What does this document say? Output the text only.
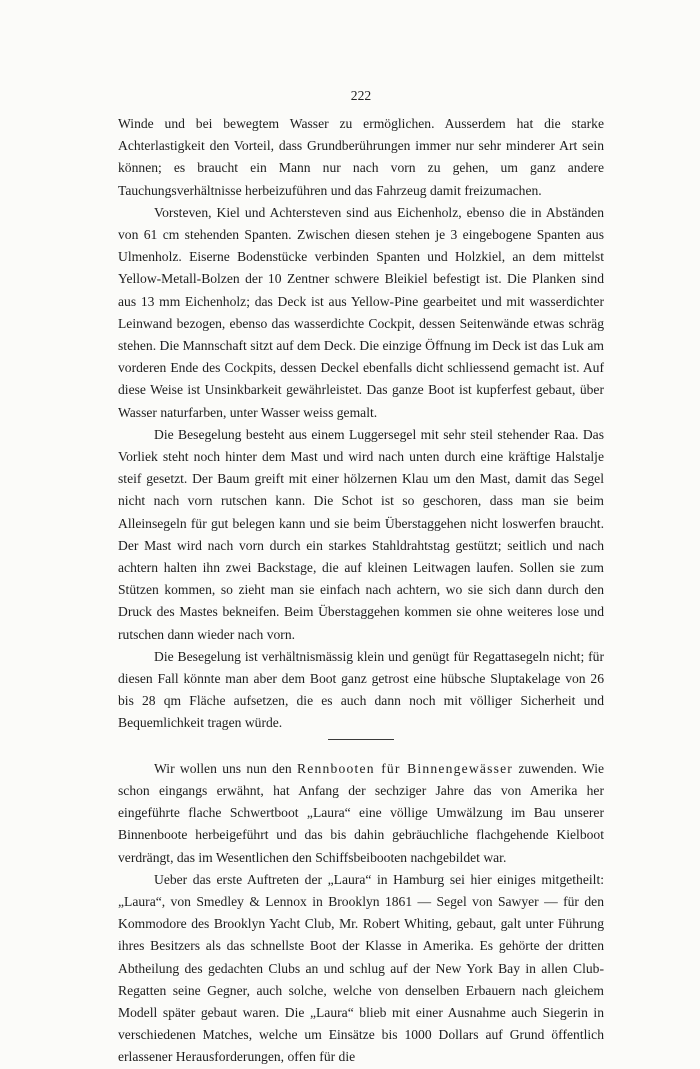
222

Winde und bei bewegtem Wasser zu ermöglichen. Ausserdem hat die starke Achterlastigkeit den Vorteil, dass Grundberührungen immer nur sehr minderer Art sein können; es braucht ein Mann nur nach vorn zu gehen, um ganz andere Tauchungsverhältnisse herbeizuführen und das Fahrzeug damit freizumachen.

Vorsteven, Kiel und Achtersteven sind aus Eichenholz, ebenso die in Abständen von 61 cm stehenden Spanten. Zwischen diesen stehen je 3 eingebogene Spanten aus Ulmenholz. Eiserne Bodenstücke verbinden Spanten und Holzkiel, an dem mittelst Yellow-Metall-Bolzen der 10 Zentner schwere Bleikiel befestigt ist. Die Planken sind aus 13 mm Eichenholz; das Deck ist aus Yellow-Pine gearbeitet und mit wasserdichter Leinwand bezogen, ebenso das wasserdichte Cockpit, dessen Seitenwände etwas schräg stehen. Die Mannschaft sitzt auf dem Deck. Die einzige Öffnung im Deck ist das Luk am vorderen Ende des Cockpits, dessen Deckel ebenfalls dicht schliessend gemacht ist. Auf diese Weise ist Unsinkbarkeit gewährleistet. Das ganze Boot ist kupferfest gebaut, über Wasser naturfarben, unter Wasser weiss gemalt.

Die Besegelung besteht aus einem Luggersegel mit sehr steil stehender Raa. Das Vorliek steht noch hinter dem Mast und wird nach unten durch eine kräftige Halstalje steif gesetzt. Der Baum greift mit einer hölzernen Klau um den Mast, damit das Segel nicht nach vorn rutschen kann. Die Schot ist so geschoren, dass man sie beim Alleinsegeln für gut belegen kann und sie beim Überstaggehen nicht loswerfen braucht. Der Mast wird nach vorn durch ein starkes Stahldrahtstag gestützt; seitlich und nach achtern halten ihn zwei Backstage, die auf kleinen Leitwagen laufen. Sollen sie zum Stützen kommen, so zieht man sie einfach nach achtern, wo sie sich dann durch den Druck des Mastes bekneifen. Beim Überstaggehen kommen sie ohne weiteres lose und rutschen dann wieder nach vorn.

Die Besegelung ist verhältnismässig klein und genügt für Regattasegeln nicht; für diesen Fall könnte man aber dem Boot ganz getrost eine hübsche Sluptakelage von 26 bis 28 qm Fläche aufsetzen, die es auch dann noch mit völliger Sicherheit und Bequemlichkeit tragen würde.

Wir wollen uns nun den Rennbooten für Binnengewässer zuwenden. Wie schon eingangs erwähnt, hat Anfang der sechziger Jahre das von Amerika her eingeführte flache Schwertboot „Laura“ eine völlige Umwälzung im Bau unserer Binnenboote herbeigeführt und das bis dahin gebräuchliche flachgehende Kielboot verdrängt, das im Wesentlichen den Schiffsbeibooten nachgebildet war.

Ueber das erste Auftreten der „Laura“ in Hamburg sei hier einiges mitgetheilt: „Laura“, von Smedley & Lennox in Brooklyn 1861 — Segel von Sawyer — für den Kommodore des Brooklyn Yacht Club, Mr. Robert Whiting, gebaut, galt unter Führung ihres Besitzers als das schnellste Boot der Klasse in Amerika. Es gehörte der dritten Abtheilung des gedachten Clubs an und schlug auf der New York Bay in allen Club-Regatten seine Gegner, auch solche, welche von denselben Erbauern nach gleichem Modell später gebaut waren. Die „Laura“ blieb mit einer Ausnahme auch Siegerin in verschiedenen Matches, welche um Einsätze bis 1000 Dollars auf Grund öffentlich erlassener Herausforderungen, offen für die
